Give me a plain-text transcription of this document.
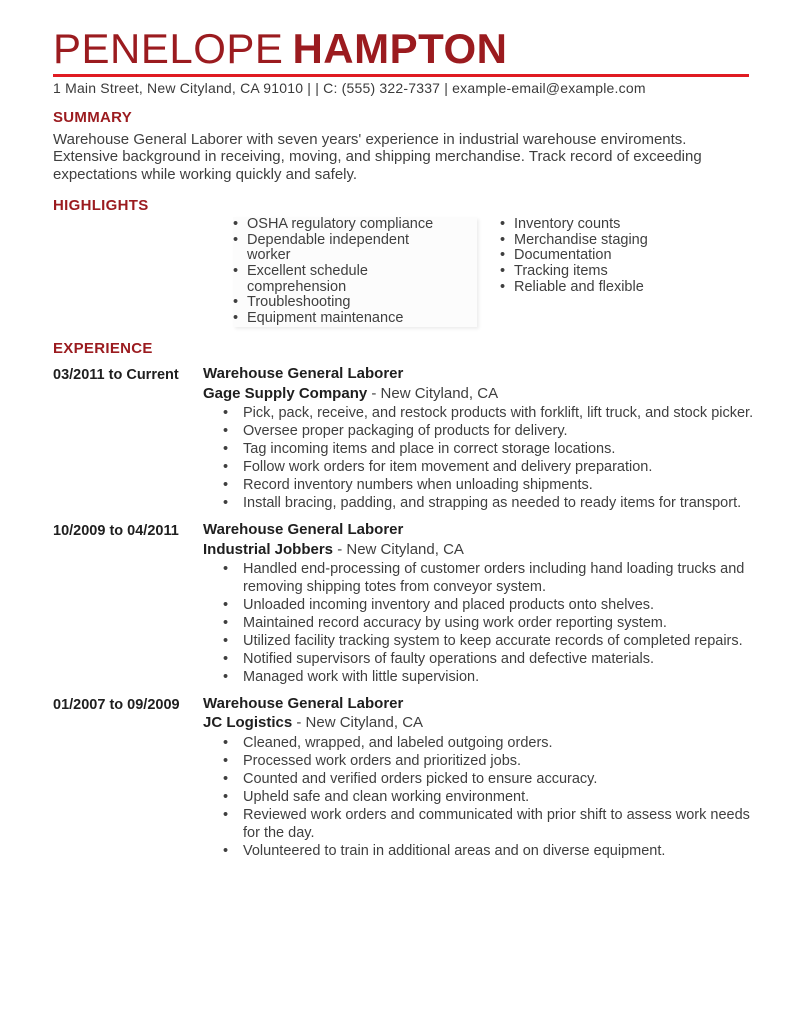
PENELOPE HAMPTON
1 Main Street, New Cityland, CA 91010 | | C: (555) 322-7337 | example-email@example.com
SUMMARY

Warehouse General Laborer with seven years' experience in industrial warehouse enviroments. Extensive background in receiving, moving, and shipping merchandise. Track record of exceeding expectations while working quickly and safely.

HIGHLIGHTS
• OSHA regulatory compliance
• Dependable independent worker
• Excellent schedule comprehension
• Troubleshooting
• Equipment maintenance
• Inventory counts
• Merchandise staging
• Documentation
• Tracking items
• Reliable and flexible
EXPERIENCE
03/2011 to Current	Warehouse General Laborer
Gage Supply Company - New Cityland, CA
•	Pick, pack, receive, and restock products with forklift, lift truck, and stock picker.
•	Oversee proper packaging of products for delivery.
•	Tag incoming items and place in correct storage locations.
•	Follow work orders for item movement and delivery preparation.
•	Record inventory numbers when unloading shipments.
•	Install bracing, padding, and strapping as needed to ready items for transport.
10/2009 to 04/2011	Warehouse General Laborer
Industrial Jobbers - New Cityland, CA
•	Handled end-processing of customer orders including hand loading trucks and removing shipping totes from conveyor system.
•	Unloaded incoming inventory and placed products onto shelves.
•	Maintained record accuracy by using work order reporting system.
•	Utilized facility tracking system to keep accurate records of completed repairs.
•	Notified supervisors of faulty operations and defective materials.
•	Managed work with little supervision.
01/2007 to 09/2009	Warehouse General Laborer
JC Logistics - New Cityland, CA
•	Cleaned, wrapped, and labeled outgoing orders.
•	Processed work orders and prioritized jobs.
•	Counted and verified orders picked to ensure accuracy.
•	Upheld safe and clean working environment.
•	Reviewed work orders and communicated with prior shift to assess work needs for the day.
•	Volunteered to train in additional areas and on diverse equipment.
